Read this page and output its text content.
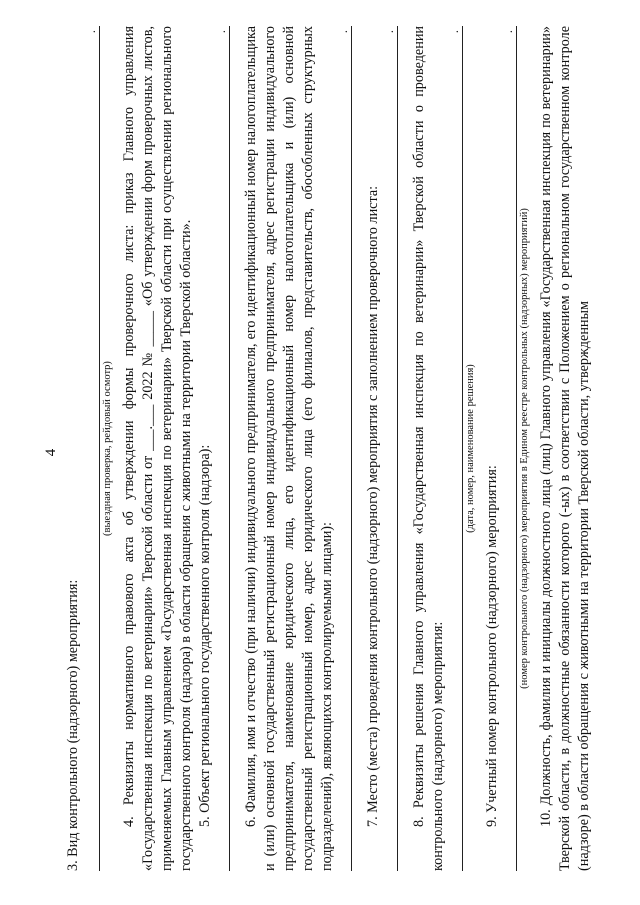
4

3. Вид контрольного (надзорного) мероприятия:

.
(выездная проверка, рейдовый осмотр) 4. Реквизиты нормативного правового акта об утверждении формы проверочного листа: приказ Главного управления «Государственная инспекция по ветеринарии» Тверской области от ___.___ 2022 № _____ «Об утверждении форм проверочных листов, применяемых Главным управлением «Государственная инспекция по ветеринарии» Тверской области при осуществлении регионального государственного контроля (надзора) в области обращения с животными на территории Тверской области». 5. Объект регионального государственного контроля (надзора):

. 6. Фамилия, имя и отчество (при наличии) индивидуального предпринимателя, его идентификационный номер налогоплательщика и (или) основной государственный регистрационный номер индивидуального предпринимателя, адрес регистрации индивидуального предпринимателя, наименование юридического лица, его идентификационный номер налогоплательщика и (или) основной государственный регистрационный номер, адрес юридического лица (его филиалов, представительств, обособленных структурных подразделений), являющихся контролируемыми лицами):

.

7. Место (места) проведения контрольного (надзорного) мероприятия с заполнением проверочного листа:

. 8. Реквизиты решения Главного управления «Государственная инспекция по ветеринарии» Тверской области о проведении контрольного (надзорного) мероприятия:

.
(дата, номер, наименование решения)

9. Учетный номер контрольного (надзорного) мероприятия:

.
(номер контрольного (надзорного) мероприятия в Едином реестре контрольных (надзорных) мероприятий) 10. Должность, фамилия и инициалы должностного лица (лиц) Главного управления «Государственная инспекция по ветеринарии» Тверской области, в должностные обязанности которого (-ых) в соответствии с Положением о региональном государственном контроле (надзоре) в области обращения с животными на территории Тверской области, утвержденным
